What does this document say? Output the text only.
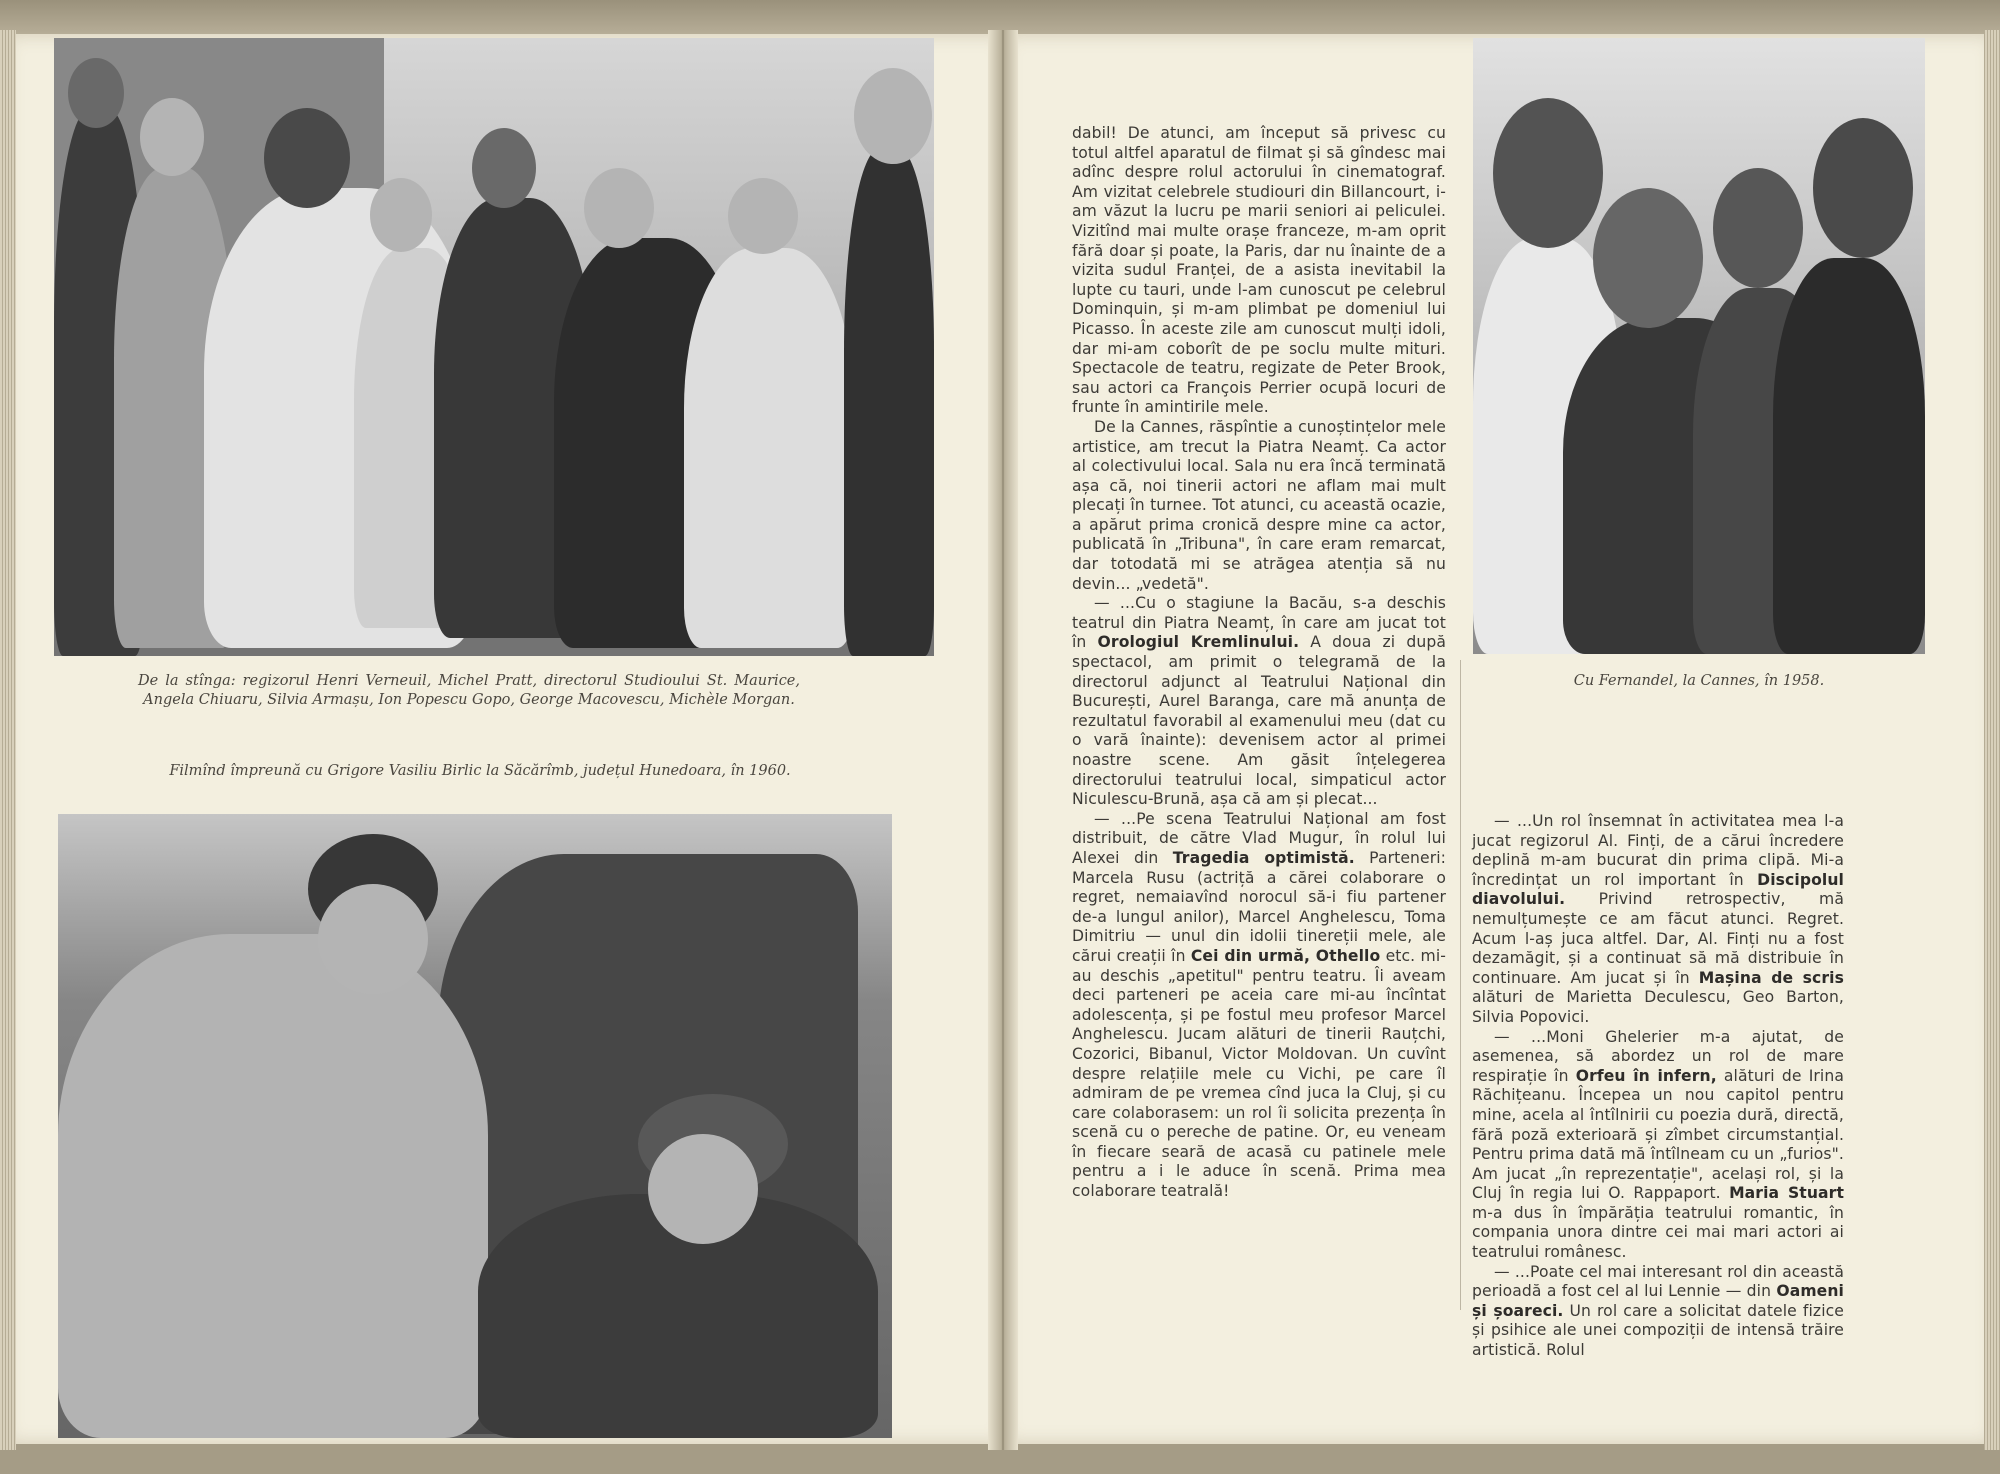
De la stînga: regizorul Henri Verneuil, Michel Pratt, directorul Studioului St. Maurice, Angela Chiuaru, Silvia Armașu, Ion Popescu Gopo, George Macovescu, Michèle Morgan.

Filmînd împreună cu Grigore Vasiliu Birlic la Săcărîmb, județul Hunedoara, în 1960.

Cu Fernandel, la Cannes, în 1958.

dabil! De atunci, am început să privesc cu totul altfel aparatul de filmat și să gîndesc mai adînc despre rolul actorului în cinematograf. Am vizitat celebrele studiouri din Billancourt, i-am văzut la lucru pe marii seniori ai peliculei. Vizitînd mai multe orașe franceze, m-am oprit fără doar și poate, la Paris, dar nu înainte de a vizita sudul Franței, de a asista inevitabil la lupte cu tauri, unde l-am cunoscut pe celebrul Dominquin, și m-am plimbat pe domeniul lui Picasso. În aceste zile am cunoscut mulți idoli, dar mi-am coborît de pe soclu multe mituri. Spectacole de teatru, regizate de Peter Brook, sau actori ca François Perrier ocupă locuri de frunte în amintirile mele.

De la Cannes, răspîntie a cunoștințelor mele artistice, am trecut la Piatra Neamț. Ca actor al colectivului local. Sala nu era încă terminată așa că, noi tinerii actori ne aflam mai mult plecați în turnee. Tot atunci, cu această ocazie, a apărut prima cronică despre mine ca actor, publicată în „Tribuna", în care eram remarcat, dar totodată mi se atrăgea atenția să nu devin... „vedetă".

— ...Cu o stagiune la Bacău, s-a deschis teatrul din Piatra Neamț, în care am jucat tot în Orologiul Kremlinului. A doua zi după spectacol, am primit o telegramă de la directorul adjunct al Teatrului Național din București, Aurel Baranga, care mă anunța de rezultatul favorabil al examenului meu (dat cu o vară înainte): devenisem actor al primei noastre scene. Am găsit înțelegerea directorului teatrului local, simpaticul actor Niculescu-Brună, așa că am și plecat...

— ...Pe scena Teatrului Național am fost distribuit, de către Vlad Mugur, în rolul lui Alexei din Tragedia optimistă. Parteneri: Marcela Rusu (actriță a cărei colaborare o regret, nemaiavînd norocul să-i fiu partener de-a lungul anilor), Marcel Anghelescu, Toma Dimitriu — unul din idolii tinereții mele, ale cărui creații în Cei din urmă, Othello etc. mi-au deschis „apetitul" pentru teatru. Îi aveam deci parteneri pe aceia care mi-au încîntat adolescența, și pe fostul meu profesor Marcel Anghelescu. Jucam alături de tinerii Rauțchi, Cozorici, Bibanul, Victor Moldovan. Un cuvînt despre relațiile mele cu Vichi, pe care îl admiram de pe vremea cînd juca la Cluj, și cu care colaborasem: un rol îi solicita prezența în scenă cu o pereche de patine. Or, eu veneam în fiecare seară de acasă cu patinele mele pentru a i le aduce în scenă. Prima mea colaborare teatrală!

— ...Un rol însemnat în activitatea mea l-a jucat regizorul Al. Finți, de a cărui încredere deplină m-am bucurat din prima clipă. Mi-a încredințat un rol important în Discipolul diavolului. Privind retrospectiv, mă nemulțumește ce am făcut atunci. Regret. Acum l-aș juca altfel. Dar, Al. Finți nu a fost dezamăgit, și a continuat să mă distribuie în continuare. Am jucat și în Mașina de scris alături de Marietta Deculescu, Geo Barton, Silvia Popovici.

— ...Moni Ghelerier m-a ajutat, de asemenea, să abordez un rol de mare respirație în Orfeu în infern, alături de Irina Răchițeanu. Începea un nou capitol pentru mine, acela al întîlnirii cu poezia dură, directă, fără poză exterioară și zîmbet circumstanțial. Pentru prima dată mă întîlneam cu un „furios". Am jucat „în reprezentație", același rol, și la Cluj în regia lui O. Rappaport. Maria Stuart m-a dus în împărăția teatrului romantic, în compania unora dintre cei mai mari actori ai teatrului românesc.

— ...Poate cel mai interesant rol din această perioadă a fost cel al lui Lennie — din Oameni și șoareci. Un rol care a solicitat datele fizice și psihice ale unei compoziții de intensă trăire artistică. Rolul
